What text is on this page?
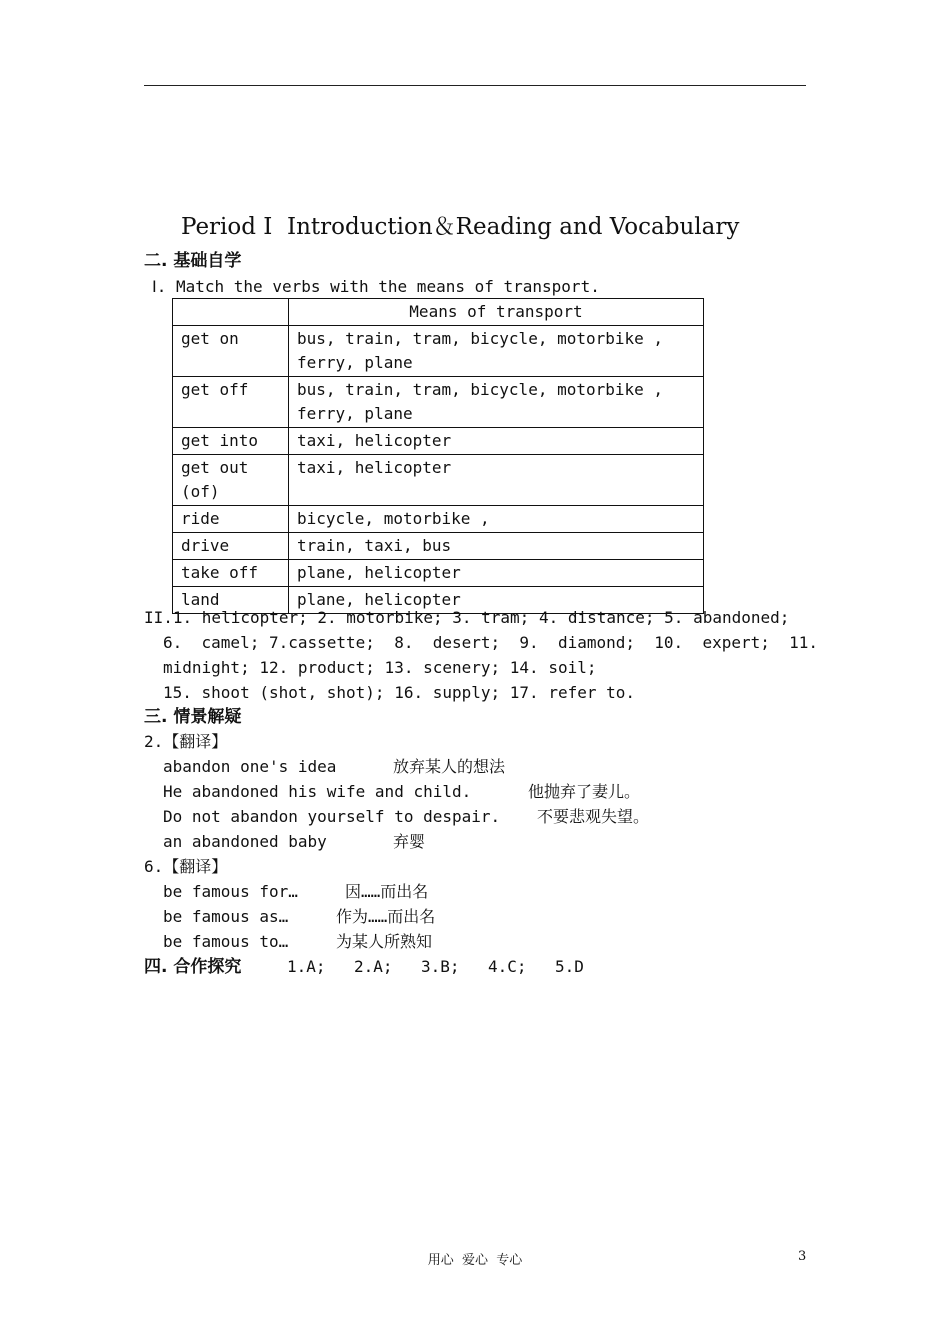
Period I  Introduction＆Reading and Vocabulary
二. 基础自学
Ⅰ. Match the verbs with the means of transport.
	Means of transport
get on	bus, train, tram, bicycle, motorbike , ferry, plane
get off	bus, train, tram, bicycle, motorbike , ferry, plane
get into	taxi, helicopter
get out (of)	taxi, helicopter
ride	bicycle, motorbike ,
drive	train, taxi, bus
take off	plane, helicopter
land	plane, helicopter
II.1. helicopter; 2. motorbike; 3. tram; 4. distance; 5. abandoned;
6.  camel; 7.cassette;  8.  desert;  9.  diamond;  10.  expert;  11.
midnight; 12. product; 13. scenery; 14. soil;
15. shoot (shot, shot); 16. supply; 17. refer to.
三. 情景解疑
2.【翻译】
abandon one's idea	放弃某人的想法
He abandoned his wife and child.	他抛弃了妻儿。
Do not abandon yourself to despair. 不要悲观失望。
an abandoned baby	弃婴
6.【翻译】
be famous for…	因……而出名
be famous as…	作为……而出名
be famous to…	为某人所熟知
四. 合作探究	1.A; 2.A; 3.B; 4.C; 5.D
用心  爱心  专心	3
